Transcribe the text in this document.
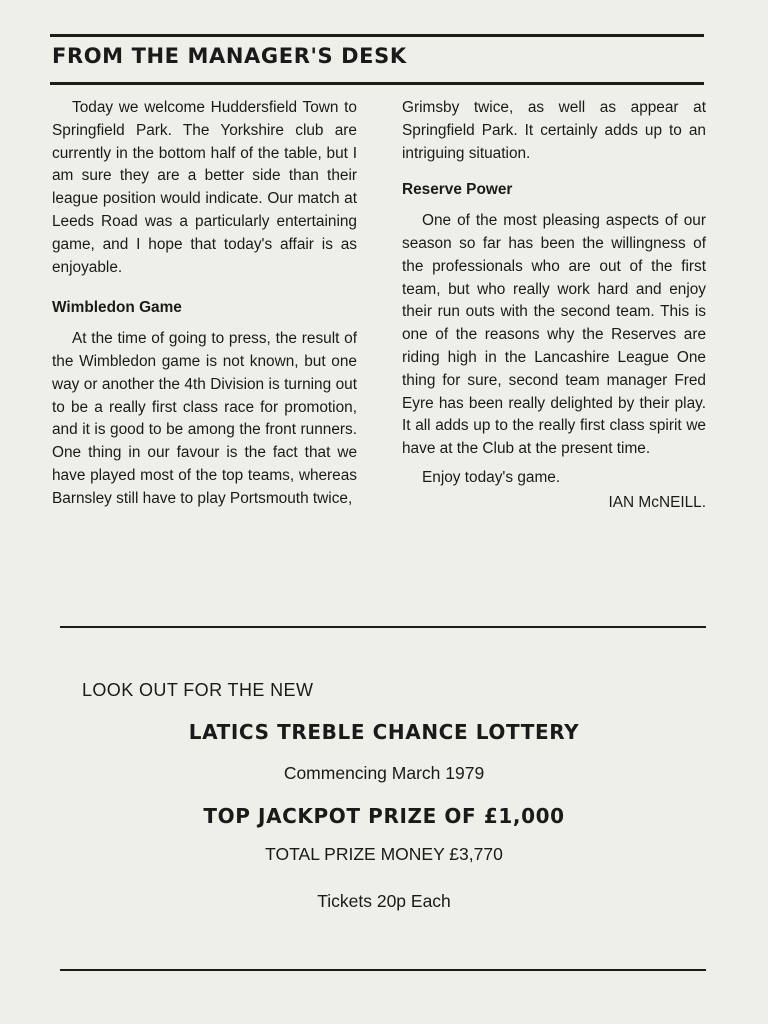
FROM THE MANAGER'S DESK

Today we welcome Huddersfield Town to Springfield Park. The Yorkshire club are currently in the bottom half of the table, but I am sure they are a better side than their league position would indicate. Our match at Leeds Road was a particularly entertaining game, and I hope that today's affair is as enjoyable.

Wimbledon Game

At the time of going to press, the result of the Wimbledon game is not known, but one way or another the 4th Division is turning out to be a really first class race for promotion, and it is good to be among the front runners. One thing in our favour is the fact that we have played most of the top teams, whereas Barnsley still have to play Portsmouth twice,

Grimsby twice, as well as appear at Springfield Park. It certainly adds up to an intriguing situation.

Reserve Power

One of the most pleasing aspects of our season so far has been the willingness of the professionals who are out of the first team, but who really work hard and enjoy their run outs with the second team. This is one of the reasons why the Reserves are riding high in the Lancashire League One thing for sure, second team manager Fred Eyre has been really delighted by their play. It all adds up to the really first class spirit we have at the Club at the present time.

Enjoy today's game.

IAN McNEILL.

LOOK OUT FOR THE NEW
LATICS TREBLE CHANCE LOTTERY
Commencing March 1979
TOP JACKPOT PRIZE OF £1,000
TOTAL PRIZE MONEY £3,770
Tickets 20p Each
